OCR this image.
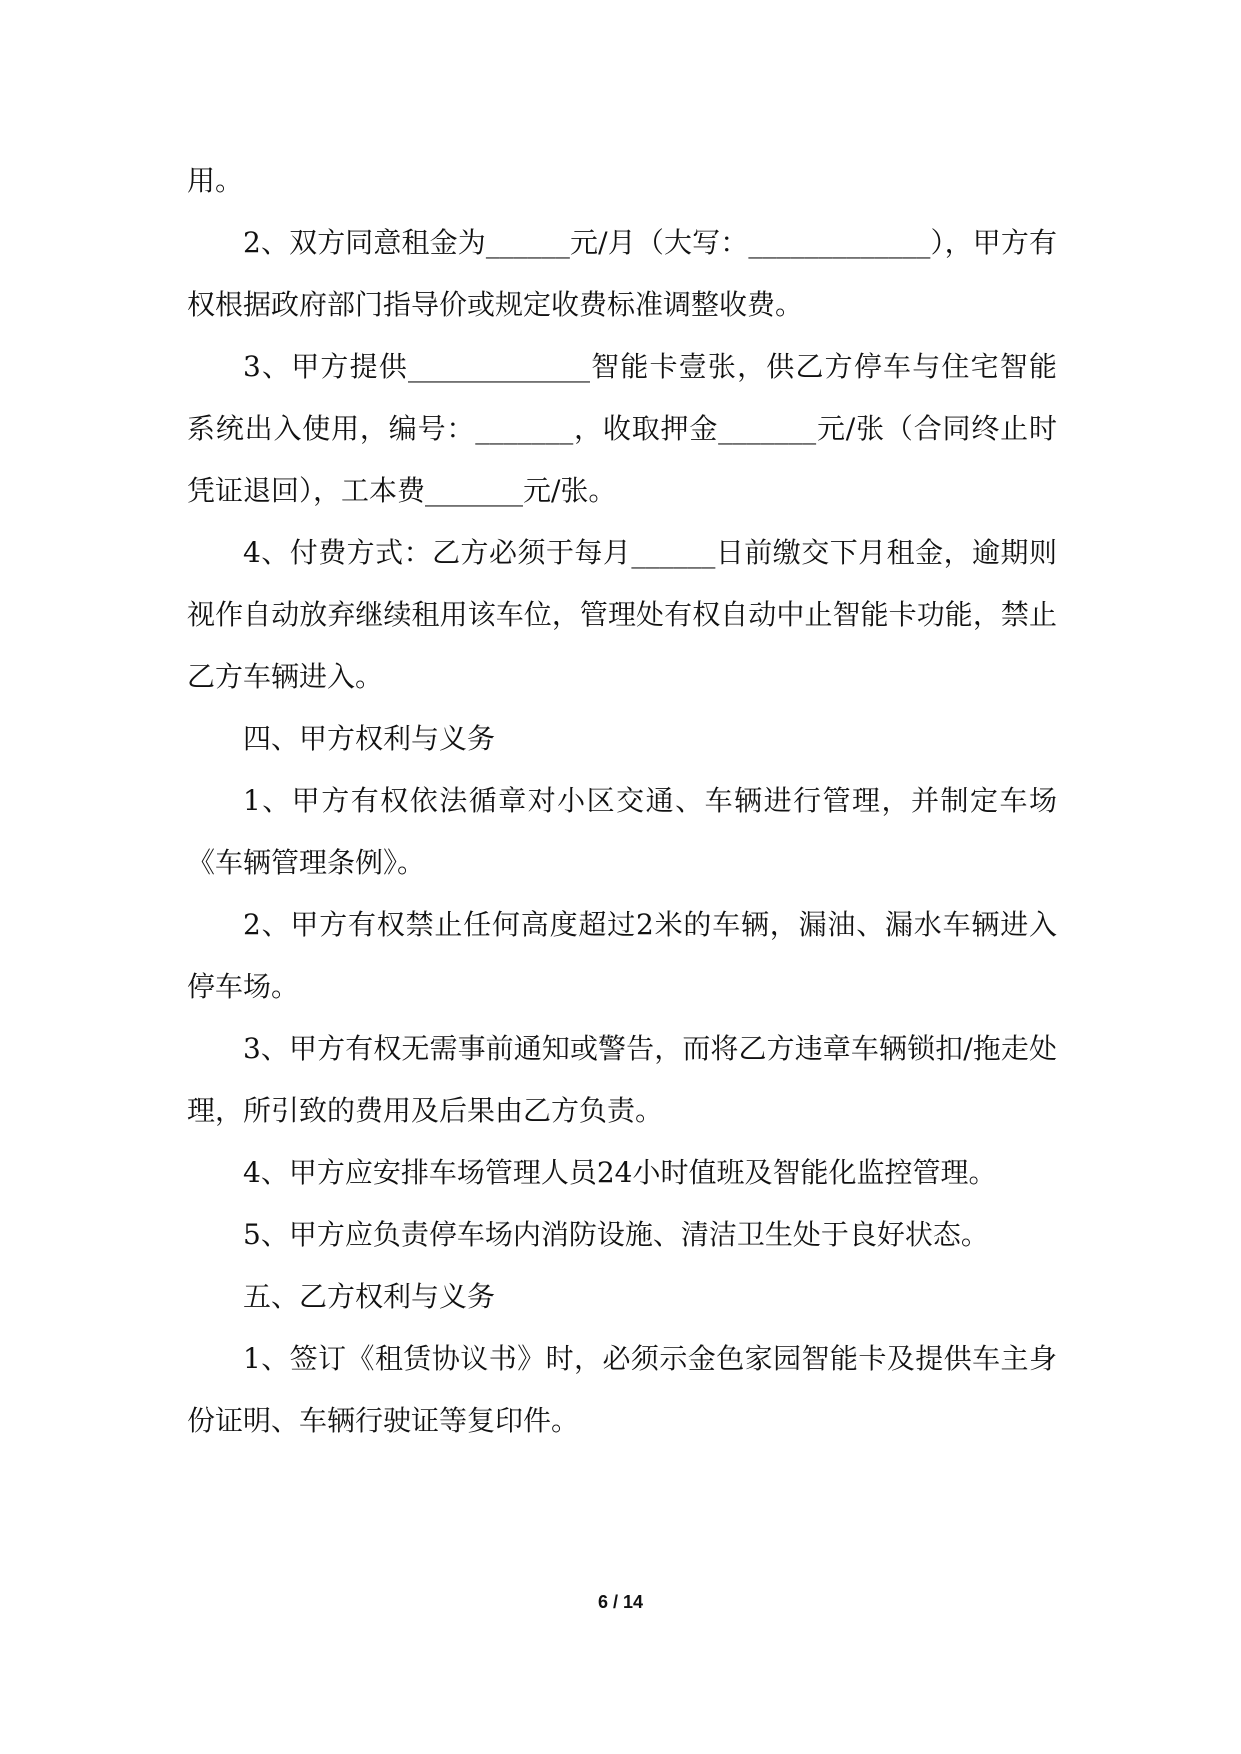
用。

2、双方同意租金为______元/月（大写：_____________），甲方有权根据政府部门指导价或规定收费标准调整收费。

3、甲方提供_____________智能卡壹张，供乙方停车与住宅智能系统出入使用，编号：_______，收取押金_______元/张（合同终止时凭证退回），工本费_______元/张。

4、付费方式：乙方必须于每月______日前缴交下月租金，逾期则视作自动放弃继续租用该车位，管理处有权自动中止智能卡功能，禁止乙方车辆进入。

四、甲方权利与义务

1、甲方有权依法循章对小区交通、车辆进行管理，并制定车场《车辆管理条例》。

2、甲方有权禁止任何高度超过2米的车辆，漏油、漏水车辆进入停车场。

3、甲方有权无需事前通知或警告，而将乙方违章车辆锁扣/拖走处理，所引致的费用及后果由乙方负责。

4、甲方应安排车场管理人员24小时值班及智能化监控管理。

5、甲方应负责停车场内消防设施、清洁卫生处于良好状态。

五、乙方权利与义务

1、签订《租赁协议书》时，必须示金色家园智能卡及提供车主身份证明、车辆行驶证等复印件。

6 / 14
